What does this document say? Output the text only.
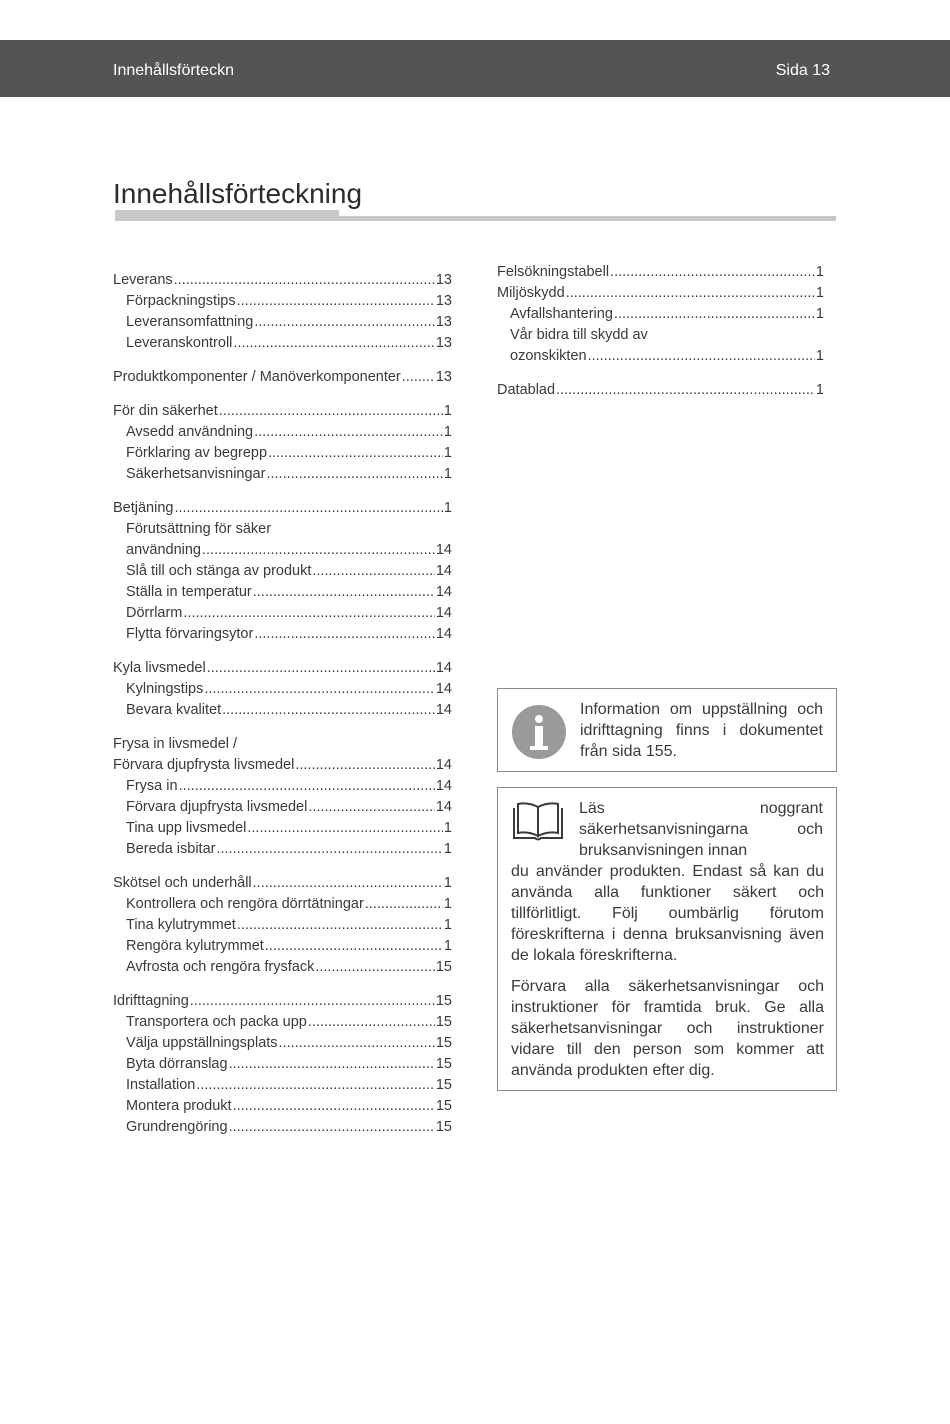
Innehållsförteckn	Sida 13
Innehållsförteckning
Leverans .....	13
Förpackningstips .....	13
Leveransomfattning .....	13
Leveranskontroll .....	13
Produktkomponenter / Manöverkomponenter ..... 13
För din säkerhet .....	1
Avsedd användning .....	1
Förklaring av begrepp .....	1
Säkerhetsanvisningar .....	1
Betjäning .....	1
Förutsättning för säker
användning .....	14
Slå till och stänga av produkt .....	14
Ställa in temperatur .....	14
Dörrlarm .....	14
Flytta förvaringsytor .....	14
Kyla livsmedel .....	14
Kylningstips .....	14
Bevara kvalitet .....	14
Frysa in livsmedel /
Förvara djupfrysta livsmedel .....	14
Frysa in .....	14
Förvara djupfrysta livsmedel .....	14
Tina upp livsmedel .....	1
Bereda isbitar .....	1
Skötsel och underhåll .....	1
Kontrollera och rengöra dörrtätningar .....	1
Tina kylutrymmet .....	1
Rengöra kylutrymmet .....	1
Avfrosta och rengöra frysfack .....	15
Idrifttagning .....	15
Transportera och packa upp .....	15
Välja uppställningsplats .....	15
Byta dörranslag .....	15
Installation .....	15
Montera produkt .....	15
Grundrengöring .....	15
Felsökningstabell .....	1
Miljöskydd .....	1
Avfallshantering .....	1
Vår bidra till skydd av
ozonskikten .....	1
Datablad .....	1
Information om uppställning och idrifttagning finns i dokumentet från sida 155.
Läs noggrant
säkerhetsanvisningarna och
bruksanvisningen innan

du använder produkten. Endast så kan du använda alla funktioner säkert och tillförlitligt. Följ oumbärlig förutom föreskrifterna i denna bruksanvisning även de lokala föreskrifterna.

Förvara alla säkerhetsanvisningar och instruktioner för framtida bruk. Ge alla säkerhetsanvisningar och instruktioner vidare till den person som kommer att använda produkten efter dig.
